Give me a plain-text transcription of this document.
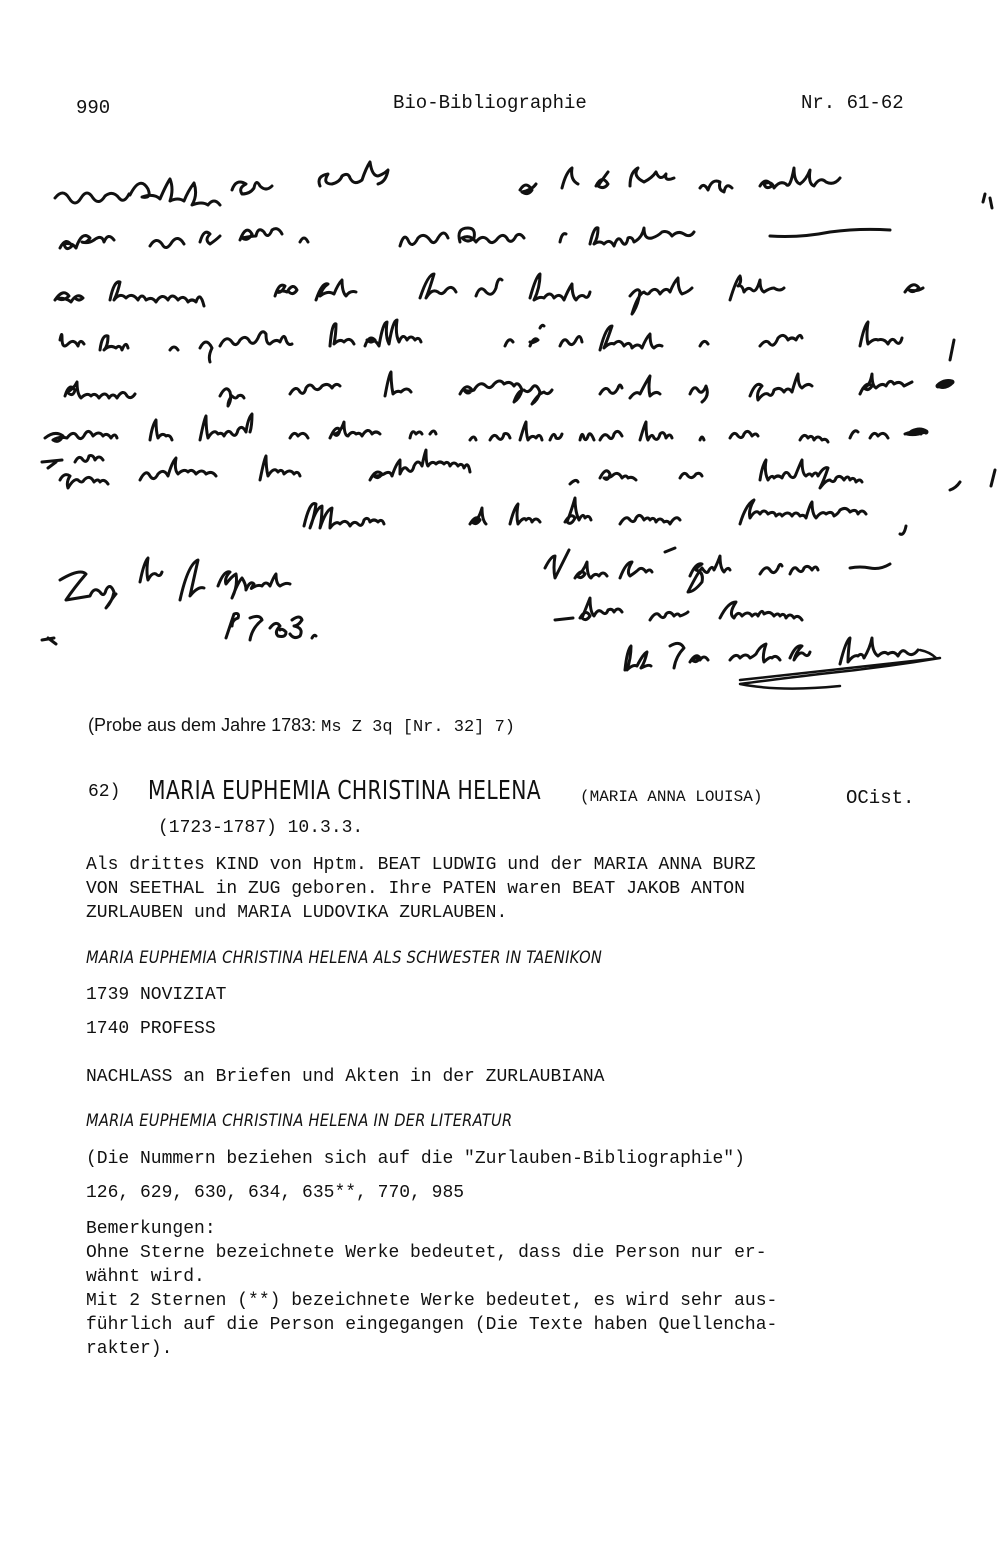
990	Bio-Bibliographie	Nr. 61-62
(Probe aus dem Jahre 1783: Ms Z 3q [Nr. 32] 7)
62) MARIA EUPHEMIA CHRISTINA HELENA (MARIA ANNA LOUISA)	OCist.
(1723-1787) 10.3.3.
Als drittes KIND von Hptm. BEAT LUDWIG und der MARIA ANNA BURZ
VON SEETHAL in ZUG geboren. Ihre PATEN waren BEAT JAKOB ANTON
ZURLAUBEN und MARIA LUDOVIKA ZURLAUBEN.
MARIA EUPHEMIA CHRISTINA HELENA ALS SCHWESTER IN TAENIKON
1739 NOVIZIAT
1740 PROFESS
NACHLASS an Briefen und Akten in der ZURLAUBIANA
MARIA EUPHEMIA CHRISTINA HELENA IN DER LITERATUR
(Die Nummern beziehen sich auf die "Zurlauben-Bibliographie")
126, 629, 630, 634, 635**, 770, 985
Bemerkungen:
Ohne Sterne bezeichnete Werke bedeutet, dass die Person nur er-
wähnt wird.
Mit 2 Sternen (**) bezeichnete Werke bedeutet, es wird sehr aus-
führlich auf die Person eingegangen (Die Texte haben Quellencha-
rakter).
